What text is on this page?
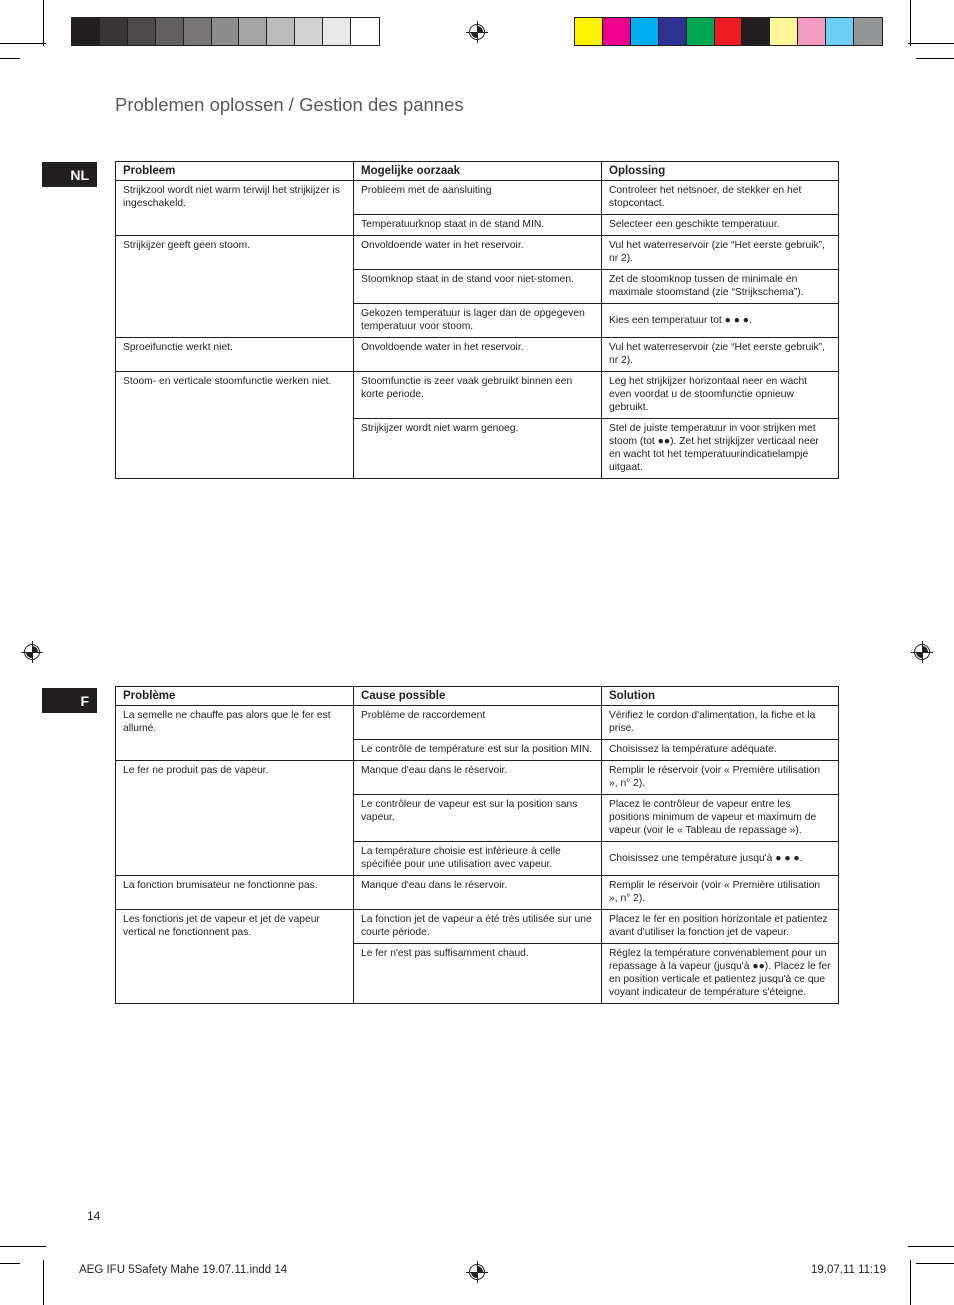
Problemen oplossen / Gestion des pannes
NL	Probleem	Mogelijke oorzaak	Oplossing
Strijkzool wordt niet warm terwijl het strijkijzer is ingeschakeld.	Probleem met de aansluiting	Controleer het netsnoer, de stekker en het stopcontact.
	Temperatuurknop staat in de stand MIN.	Selecteer een geschikte temperatuur.
Strijkijzer geeft geen stoom.	Onvoldoende water in het reservoir.	Vul het waterreservoir (zie “Het eerste gebruik”, nr 2).
	Stoomknop staat in de stand voor niet-stomen.	Zet de stoomknop tussen de minimale en maximale stoomstand (zie “Strijkschema”).
	Gekozen temperatuur is lager dan de opgegeven temperatuur voor stoom.	Kies een temperatuur tot ● ● ●.
Sproeifunctie werkt niet.	Onvoldoende water in het reservoir.	Vul het waterreservoir (zie “Het eerste gebruik”, nr 2).
Stoom- en verticale stoomfunctie werken niet.	Stoomfunctie is zeer vaak gebruikt binnen een korte periode.	Leg het strijkijzer horizontaal neer en wacht even voordat u de stoomfunctie opnieuw gebruikt.
	Strijkijzer wordt niet warm genoeg.	Stel de juiste temperatuur in voor strijken met stoom (tot ●●). Zet het strijkijzer verticaal neer en wacht tot het temperatuurindicatielampje uitgaat.
F	Problème	Cause possible	Solution
La semelle ne chauffe pas alors que le fer est allumé.	Problème de raccordement	Vérifiez le cordon d'alimentation, la fiche et la prise.
	Le contrôle de température est sur la position MIN.	Choisissez la température adéquate.
Le fer ne produit pas de vapeur.	Manque d'eau dans le réservoir.	Remplir le réservoir (voir « Première utilisation », n° 2).
	Le contrôleur de vapeur est sur la position sans vapeur.	Placez le contrôleur de vapeur entre les positions minimum de vapeur et maximum de vapeur (voir le « Tableau de repassage »).
	La température choisie est inférieure à celle spécifiée pour une utilisation avec vapeur.	Choisissez une température jusqu'à ● ● ●.
La fonction brumisateur ne fonctionne pas.	Manque d'eau dans le réservoir.	Remplir le réservoir (voir « Première utilisation », n° 2).
Les fonctions jet de vapeur et jet de vapeur vertical ne fonctionnent pas.	La fonction jet de vapeur a été très utilisée sur une courte période.	Placez le fer en position horizontale et patientez avant d'utiliser la fonction jet de vapeur.
	Le fer n'est pas suffisamment chaud.	Réglez la température convenablement pour un repassage à la vapeur (jusqu'à ●●). Placez le fer en position verticale et patientez jusqu'à ce que voyant indicateur de température s'éteigne.
14
AEG IFU 5Safety Mahe 19.07.11.indd 14	19.07.11 11:19
